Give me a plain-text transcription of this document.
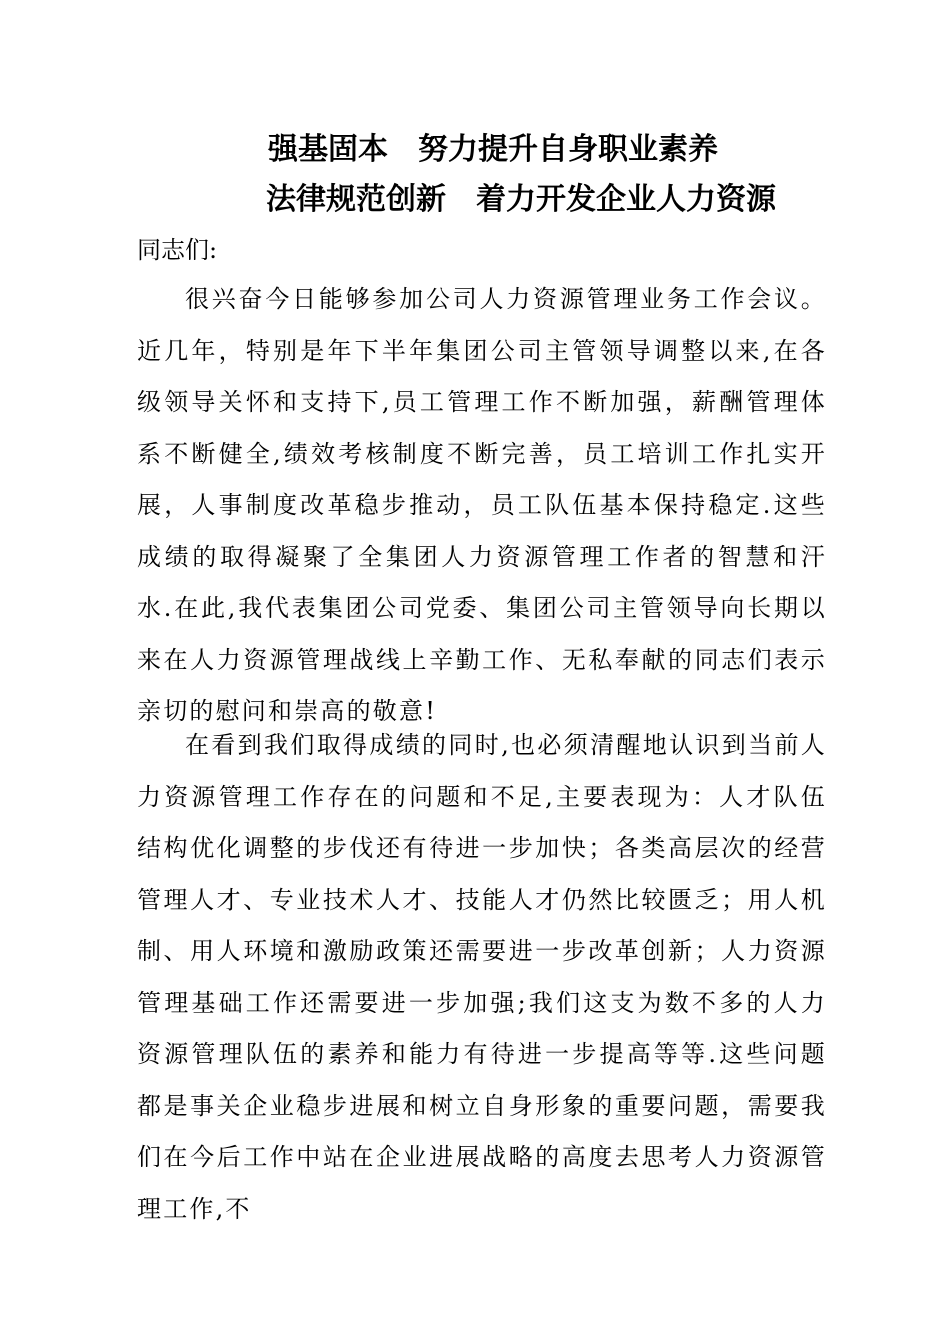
强基固本　努力提升自身职业素养
法律规范创新　着力开发企业人力资源
同志们:

很兴奋今日能够参加公司人力资源管理业务工作会议。近几年，特别是年下半年集团公司主管领导调整以来,在各级领导关怀和支持下,员工管理工作不断加强，薪酬管理体系不断健全,绩效考核制度不断完善，员工培训工作扎实开展，人事制度改革稳步推动，员工队伍基本保持稳定.这些成绩的取得凝聚了全集团人力资源管理工作者的智慧和汗水.在此,我代表集团公司党委、集团公司主管领导向长期以来在人力资源管理战线上辛勤工作、无私奉献的同志们表示亲切的慰问和崇高的敬意!

在看到我们取得成绩的同时,也必须清醒地认识到当前人力资源管理工作存在的问题和不足,主要表现为：人才队伍结构优化调整的步伐还有待进一步加快；各类高层次的经营管理人才、专业技术人才、技能人才仍然比较匮乏；用人机制、用人环境和激励政策还需要进一步改革创新；人力资源管理基础工作还需要进一步加强;我们这支为数不多的人力资源管理队伍的素养和能力有待进一步提高等等.这些问题都是事关企业稳步进展和树立自身形象的重要问题，需要我们在今后工作中站在企业进展战略的高度去思考人力资源管理工作,不
